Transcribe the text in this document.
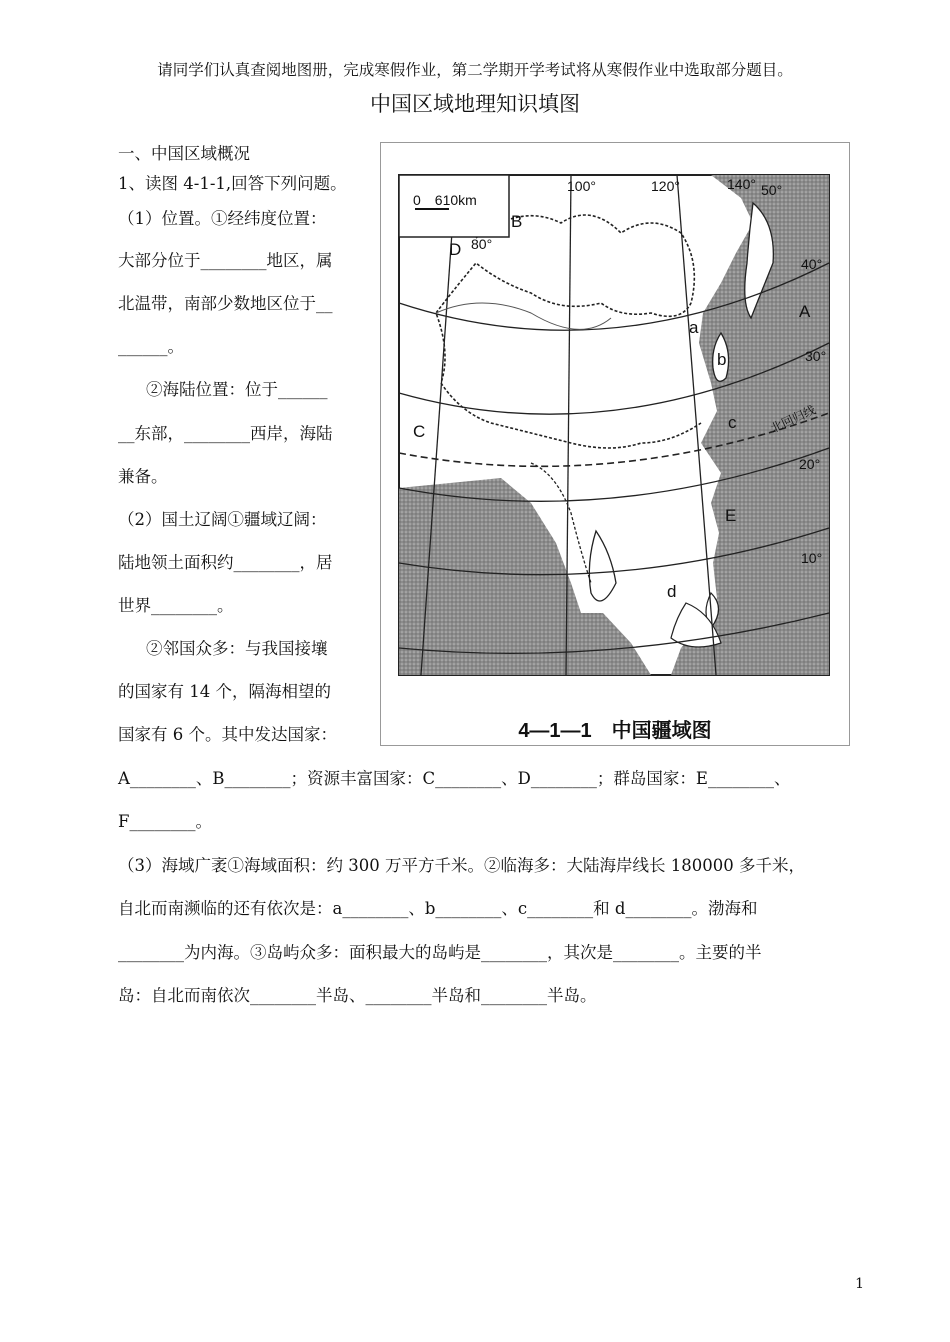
请同学们认真查阅地图册，完成寒假作业，第二学期开学考试将从寒假作业中选取部分题目。

中国区域地理知识填图

一、中国区域概况

1、读图 4-1-1,回答下列问题。

（1）位置。①经纬度位置：

大部分位于________地区，属

北温带，南部少数地区位于__

______。

②海陆位置：位于______

__东部，________西岸，海陆

兼备。

（2）国土辽阔①疆域辽阔：

陆地领土面积约________，居

世界________。

②邻国众多：与我国接壤

的国家有 14 个，隔海相望的

国家有 6 个。其中发达国家：

A________、B________；资源丰富国家：C________、D________；群岛国家：E________、

F________。

（3）海域广袤①海域面积：约 300 万平方千米。②临海多：大陆海岸线长 180000 多千米，

自北而南濒临的还有依次是：a________、b________、c________和 d________。渤海和

________为内海。③岛屿众多：面积最大的岛屿是________，其次是________。主要的半

岛：自北而南依次________半岛、________半岛和________半岛。

0　610km
100°	120°	140°
80°
50°
40°
30°
20°
10°
北回归线
A
B
C
D
E
a
b
c
d
4—1—1　中国疆域图

1
